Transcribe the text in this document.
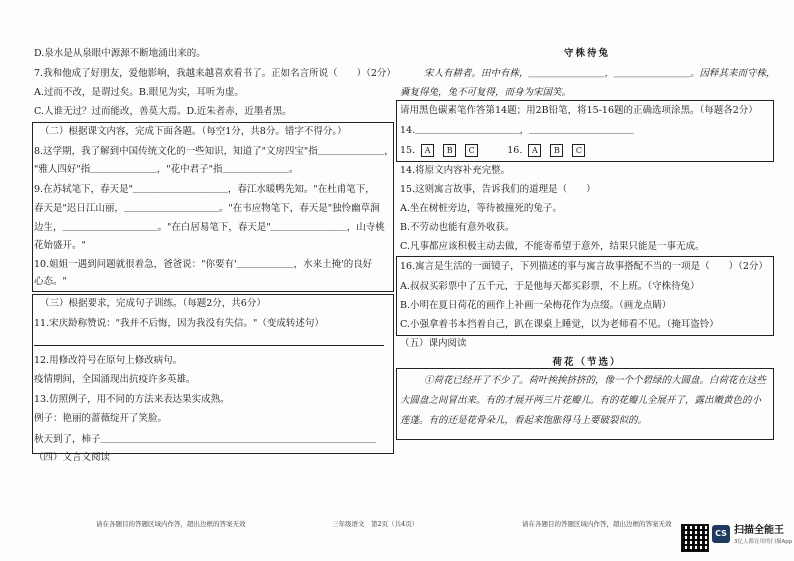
D.泉水是从泉眼中源源不断地涌出来的。
7.我和他成了好朋友，爱他影响，我越来越喜欢看书了。正如名言所说（　　）（2分）
A.过而不改，是谓过矣。B.眼见为实，耳听为虚。
C.人谁无过？过而能改，善莫大焉。D.近朱者赤，近墨者黑。
（二）根据课文内容，完成下面各题。（每空1分，共8分。错字不得分。）
8.这学期，我了解到中国传统文化的一些知识，知道了"文房四宝"指＿＿＿＿＿＿＿，
"雅人四好"指＿＿＿＿＿＿＿，"花中君子"指＿＿＿＿＿＿＿。
9.在苏轼笔下，春天是"＿＿＿＿＿＿＿＿＿＿，春江水暖鸭先知。"在杜甫笔下，
春天是"迟日江山丽，＿＿＿＿＿＿＿＿＿＿。"在韦应物笔下，春天是"独怜幽草涧
边生，＿＿＿＿＿＿＿＿＿＿。"在白居易笔下，春天是"＿＿＿＿＿＿＿＿，山寺桃
花始盛开。"
10.姐姐一遇到问题就很着急，爸爸说："你要有'＿＿＿＿＿＿，水来土掩'的良好
心态。"
（三）根据要求，完成句子训练。（每题2分，共6分）
11.宋庆龄称赞说："我并不后悔，因为我没有失信。"（变成转述句）
12.用修改符号在原句上修改病句。
疫情期间，全国涌现出抗疫许多英雄。
13.仿照例子，用不同的方法来表达果实成熟。
例子：艳丽的蔷薇绽开了笑脸。
秋天到了，柿子＿＿＿＿＿＿＿＿＿＿＿＿＿＿＿＿＿＿＿＿＿＿＿＿＿＿＿＿＿
（四）文言文阅读
守株待兔
宋人有耕者。田中有株，＿＿＿＿＿＿＿＿，＿＿＿＿＿＿＿＿。因释其耒而守株，
冀复得兔，兔不可复得，而身为宋国笑。
请用黑色碳素笔作答第14题；用2B铅笔，将15-16题的正确选项涂黑。（每题各2分）
14.＿＿＿＿＿＿＿＿＿＿＿，＿＿＿＿＿＿＿＿＿＿＿
15. A B C	16. A B C
14.将原文内容补充完整。
15.这则寓言故事，告诉我们的道理是（　　）
A.坐在树桩旁边，等待被撞死的兔子。
B.不劳动也能有意外收获。
C.凡事都应该积极主动去做，不能寄希望于意外，结果只能是一事无成。
16.寓言是生活的一面镜子，下列描述的事与寓言故事搭配不当的一项是（　　）（2分）
A.叔叔买彩票中了五千元，于是他每天都买彩票，不上班。（守株待兔）
B.小明在夏日荷花的画作上补画一朵梅花作为点缀。（画龙点睛）
C.小强拿着书本挡着自己，趴在课桌上睡觉，以为老师看不见。（掩耳盗铃）
（五）课内阅读
荷花（节选）
①荷花已经开了不少了。荷叶挨挨挤挤的，像一个个碧绿的大圆盘。白荷花在这些
大圆盘之间冒出来。有的才展开两三片花瓣儿。有的花瓣儿全展开了，露出嫩黄色的小
莲蓬。有的还是花骨朵儿，看起来饱胀得马上要破裂似的。
请在各题目的答题区域内作答，超出边框的答案无效	三年级语文　第2页（共4页）	请在各题目的答题区域内作答，超出边框的答案无效
CS 扫描全能王
3亿人都在用的扫描App
